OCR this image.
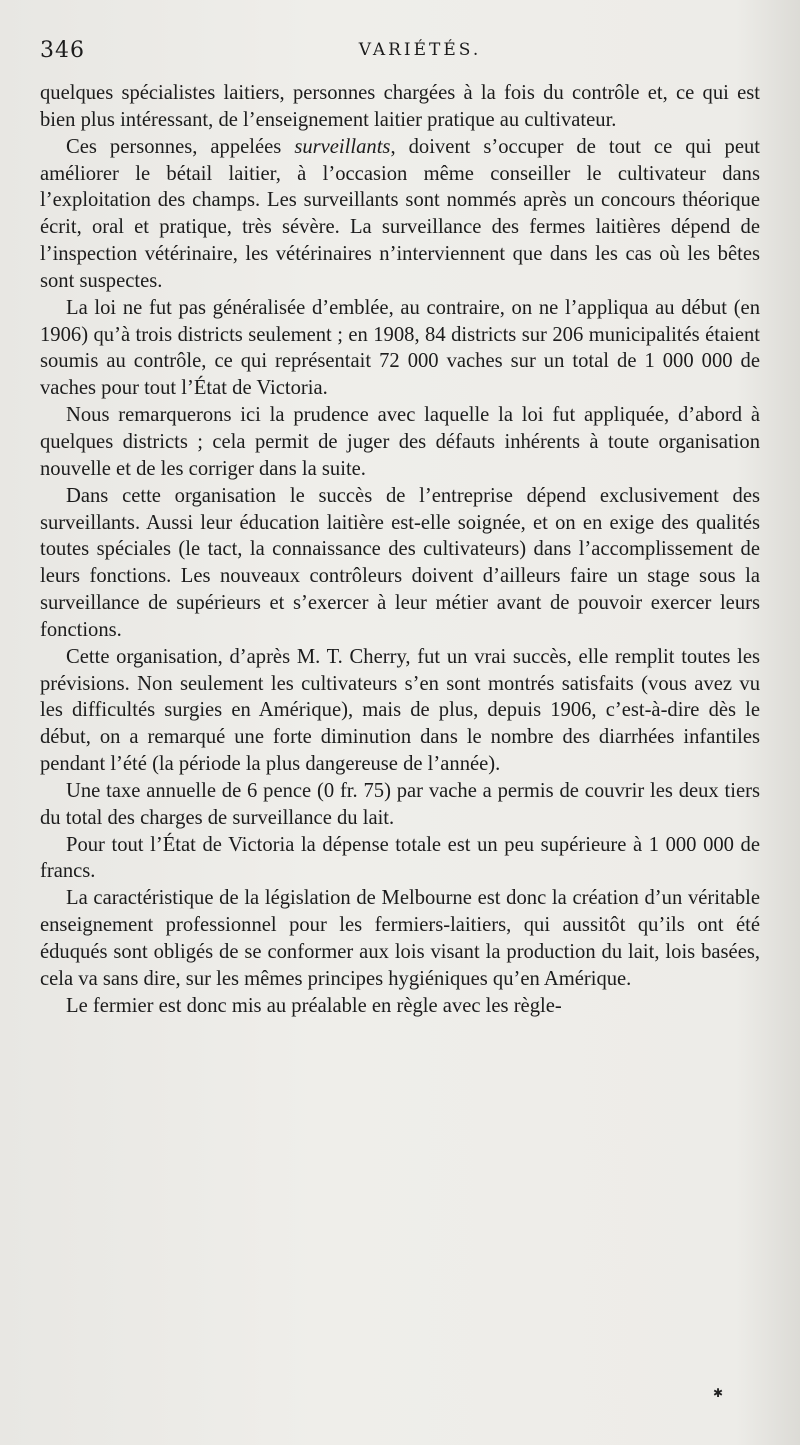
346	VARIÉTÉS.

quelques spécialistes laitiers, personnes chargées à la fois du contrôle et, ce qui est bien plus intéressant, de l’enseignement laitier pratique au cultivateur.

Ces personnes, appelées surveillants, doivent s’occuper de tout ce qui peut améliorer le bétail laitier, à l’occasion même conseiller le cultivateur dans l’exploitation des champs. Les surveillants sont nommés après un concours théorique écrit, oral et pratique, très sévère. La surveillance des fermes laitières dépend de l’inspection vétérinaire, les vétérinaires n’interviennent que dans les cas où les bêtes sont suspectes.

La loi ne fut pas généralisée d’emblée, au contraire, on ne l’appliqua au début (en 1906) qu’à trois districts seulement ; en 1908, 84 districts sur 206 municipalités étaient soumis au contrôle, ce qui représentait 72 000 vaches sur un total de 1 000 000 de vaches pour tout l’État de Victoria.

Nous remarquerons ici la prudence avec laquelle la loi fut appliquée, d’abord à quelques districts ; cela permit de juger des défauts inhérents à toute organisation nouvelle et de les corriger dans la suite.

Dans cette organisation le succès de l’entreprise dépend exclusivement des surveillants. Aussi leur éducation laitière est-elle soignée, et on en exige des qualités toutes spéciales (le tact, la connaissance des cultivateurs) dans l’accomplissement de leurs fonctions. Les nouveaux contrôleurs doivent d’ailleurs faire un stage sous la surveillance de supérieurs et s’exercer à leur métier avant de pouvoir exercer leurs fonctions.

Cette organisation, d’après M. T. Cherry, fut un vrai succès, elle remplit toutes les prévisions. Non seulement les cultivateurs s’en sont montrés satisfaits (vous avez vu les difficultés surgies en Amérique), mais de plus, depuis 1906, c’est-à-dire dès le début, on a remarqué une forte diminution dans le nombre des diarrhées infantiles pendant l’été (la période la plus dangereuse de l’année).

Une taxe annuelle de 6 pence (0 fr. 75) par vache a permis de couvrir les deux tiers du total des charges de surveillance du lait.

Pour tout l’État de Victoria la dépense totale est un peu supérieure à 1 000 000 de francs.

La caractéristique de la législation de Melbourne est donc la création d’un véritable enseignement professionnel pour les fermiers-laitiers, qui aussitôt qu’ils ont été éduqués sont obligés de se conformer aux lois visant la production du lait, lois basées, cela va sans dire, sur les mêmes principes hygiéniques qu’en Amérique.

Le fermier est donc mis au préalable en règle avec les règle-

✱
